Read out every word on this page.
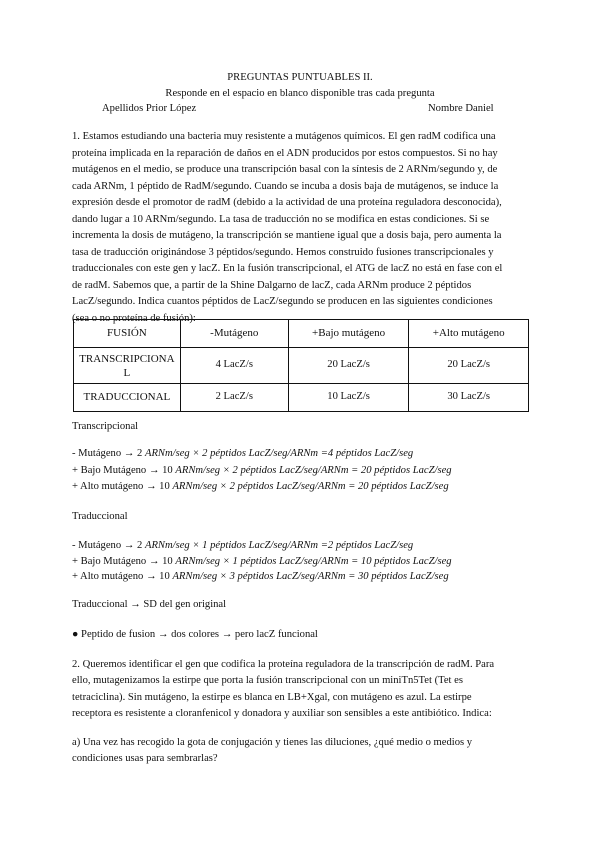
PREGUNTAS PUNTUABLES II.
Responde en el espacio en blanco disponible tras cada pregunta
Apellidos Prior López	Nombre Daniel
1. Estamos estudiando una bacteria muy resistente a mutágenos químicos. El gen radM codifica una
proteína implicada en la reparación de daños en el ADN producidos por estos compuestos. Si no hay
mutágenos en el medio, se produce una transcripción basal con la síntesis de 2 ARNm/segundo y, de
cada ARNm, 1 péptido de RadM/segundo. Cuando se incuba a dosis baja de mutágenos, se induce la
expresión desde el promotor de radM (debido a la actividad de una proteína reguladora desconocida),
dando lugar a 10 ARNm/segundo. La tasa de traducción no se modifica en estas condiciones. Si se
incrementa la dosis de mutágeno, la transcripción se mantiene igual que a dosis baja, pero aumenta la
tasa de traducción originándose 3 péptidos/segundo. Hemos construido fusiones transcripcionales y
traduccionales con este gen y lacZ. En la fusión transcripcional, el ATG de lacZ no está en fase con el
de radM. Sabemos que, a partir de la Shine Dalgarno de lacZ, cada ARNm produce 2 péptidos
LacZ/segundo. Indica cuantos péptidos de LacZ/segundo se producen en las siguientes condiciones
(sea o no proteína de fusión):
FUSIÓN	-Mutágeno	+Bajo mutágeno	+Alto mutágeno
TRANSCRIPCIONA
L	4 LacZ/s	20 LacZ/s	20 LacZ/s
TRADUCCIONAL	2 LacZ/s	10 LacZ/s	30 LacZ/s
Transcripcional
- Mutágeno → 2 ARNm/seg × 2 péptidos LacZ/seg/ARNm =4 péptidos LacZ/seg
+ Bajo Mutágeno → 10 ARNm/seg × 2 péptidos LacZ/seg/ARNm = 20 péptidos LacZ/seg
+ Alto mutágeno → 10 ARNm/seg × 2 péptidos LacZ/seg/ARNm = 20 péptidos LacZ/seg
Traduccional
- Mutágeno → 2 ARNm/seg × 1 péptidos LacZ/seg/ARNm =2 péptidos LacZ/seg
+ Bajo Mutágeno → 10 ARNm/seg × 1 péptidos LacZ/seg/ARNm = 10 péptidos LacZ/seg
+ Alto mutágeno → 10 ARNm/seg × 3 péptidos LacZ/seg/ARNm = 30 péptidos LacZ/seg
Traduccional → SD del gen original
● Peptido de fusion → dos colores → pero lacZ funcional
2. Queremos identificar el gen que codifica la proteína reguladora de la transcripción de radM. Para
ello, mutagenizamos la estirpe que porta la fusión transcripcional con un miniTn5Tet (Tet es
tetraciclina). Sin mutágeno, la estirpe es blanca en LB+Xgal, con mutágeno es azul. La estirpe
receptora es resistente a cloranfenicol y donadora y auxiliar son sensibles a este antibiótico. Indica:
a) Una vez has recogido la gota de conjugación y tienes las diluciones, ¿qué medio o medios y
condiciones usas para sembrarlas?
